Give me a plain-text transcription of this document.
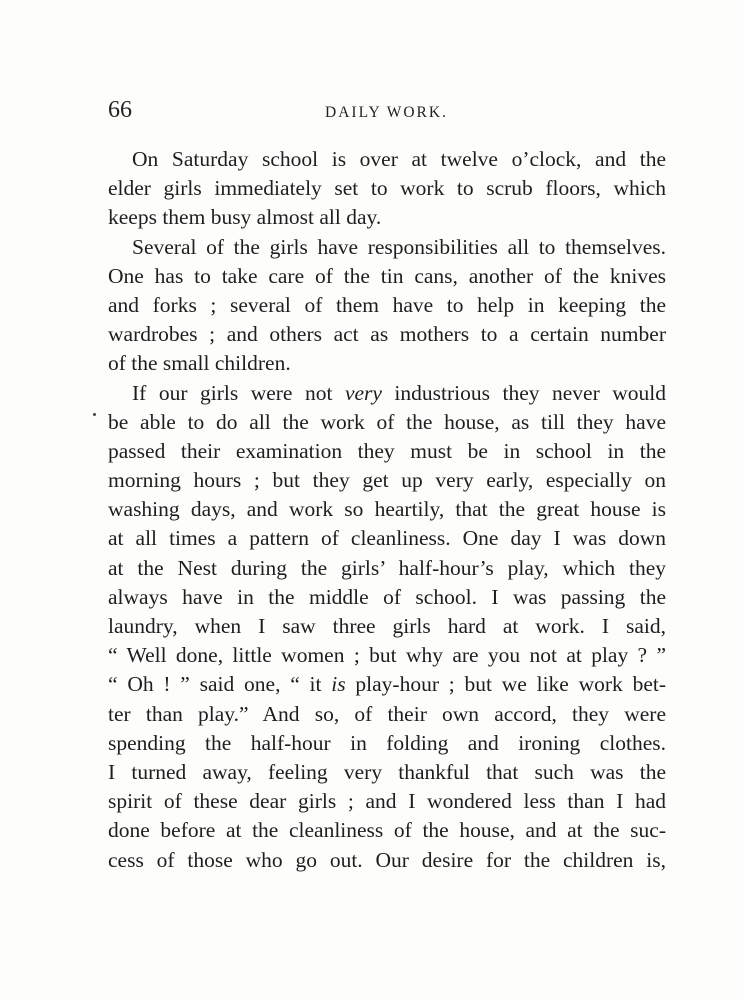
66	DAILY WORK.
On Saturday school is over at twelve o’clock, and the
elder girls immediately set to work to scrub floors, which
keeps them busy almost all day.
Several of the girls have responsibilities all to themselves.
One has to take care of the tin cans, another of the knives
and forks ; several of them have to help in keeping the
wardrobes ; and others act as mothers to a certain number
of the small children.
If our girls were not very industrious they never would
be able to do all the work of the house, as till they have
passed their examination they must be in school in the
morning hours ; but they get up very early, especially on
washing days, and work so heartily, that the great house is
at all times a pattern of cleanliness. One day I was down
at the Nest during the girls’ half-hour’s play, which they
always have in the middle of school. I was passing the
laundry, when I saw three girls hard at work. I said,
“ Well done, little women ; but why are you not at play ? ”
“ Oh ! ” said one, “ it is play-hour ; but we like work bet-
ter than play.” And so, of their own accord, they were
spending the half-hour in folding and ironing clothes.
I turned away, feeling very thankful that such was the
spirit of these dear girls ; and I wondered less than I had
done before at the cleanliness of the house, and at the suc-
cess of those who go out. Our desire for the children is,
